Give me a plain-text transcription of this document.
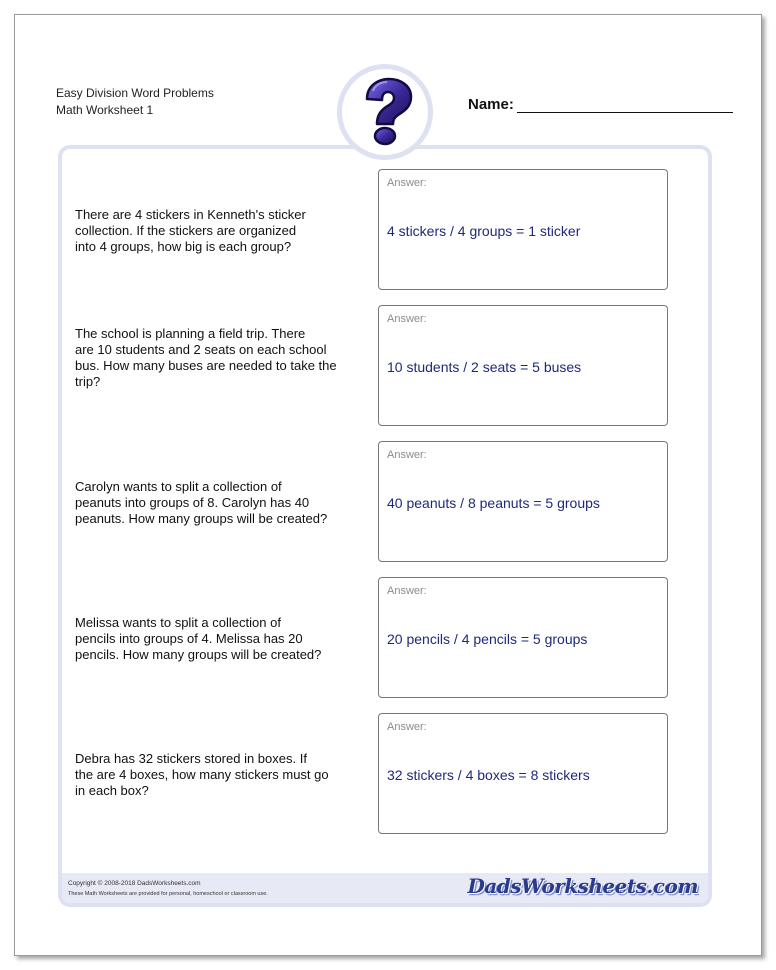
Easy Division Word Problems
Math Worksheet 1	Name:
There are 4 stickers in Kenneth's sticker
collection. If the stickers are organized
into 4 groups, how big is each group?
Answer:
4 stickers / 4 groups = 1 sticker
The school is planning a field trip. There
are 10 students and 2 seats on each school
bus. How many buses are needed to take the
trip?
Answer:
10 students / 2 seats = 5 buses
Carolyn wants to split a collection of
peanuts into groups of 8. Carolyn has 40
peanuts. How many groups will be created?
Answer:
40 peanuts / 8 peanuts = 5 groups
Melissa wants to split a collection of
pencils into groups of 4. Melissa has 20
pencils. How many groups will be created?
Answer:
20 pencils / 4 pencils = 5 groups
Debra has 32 stickers stored in boxes. If
the are 4 boxes, how many stickers must go
in each box?
Answer:
32 stickers / 4 boxes = 8 stickers
Copyright © 2008-2018 DadsWorksheets.com
These Math Worksheets are provided for personal, homeschool or classroom use.	DadsWorksheets.com
